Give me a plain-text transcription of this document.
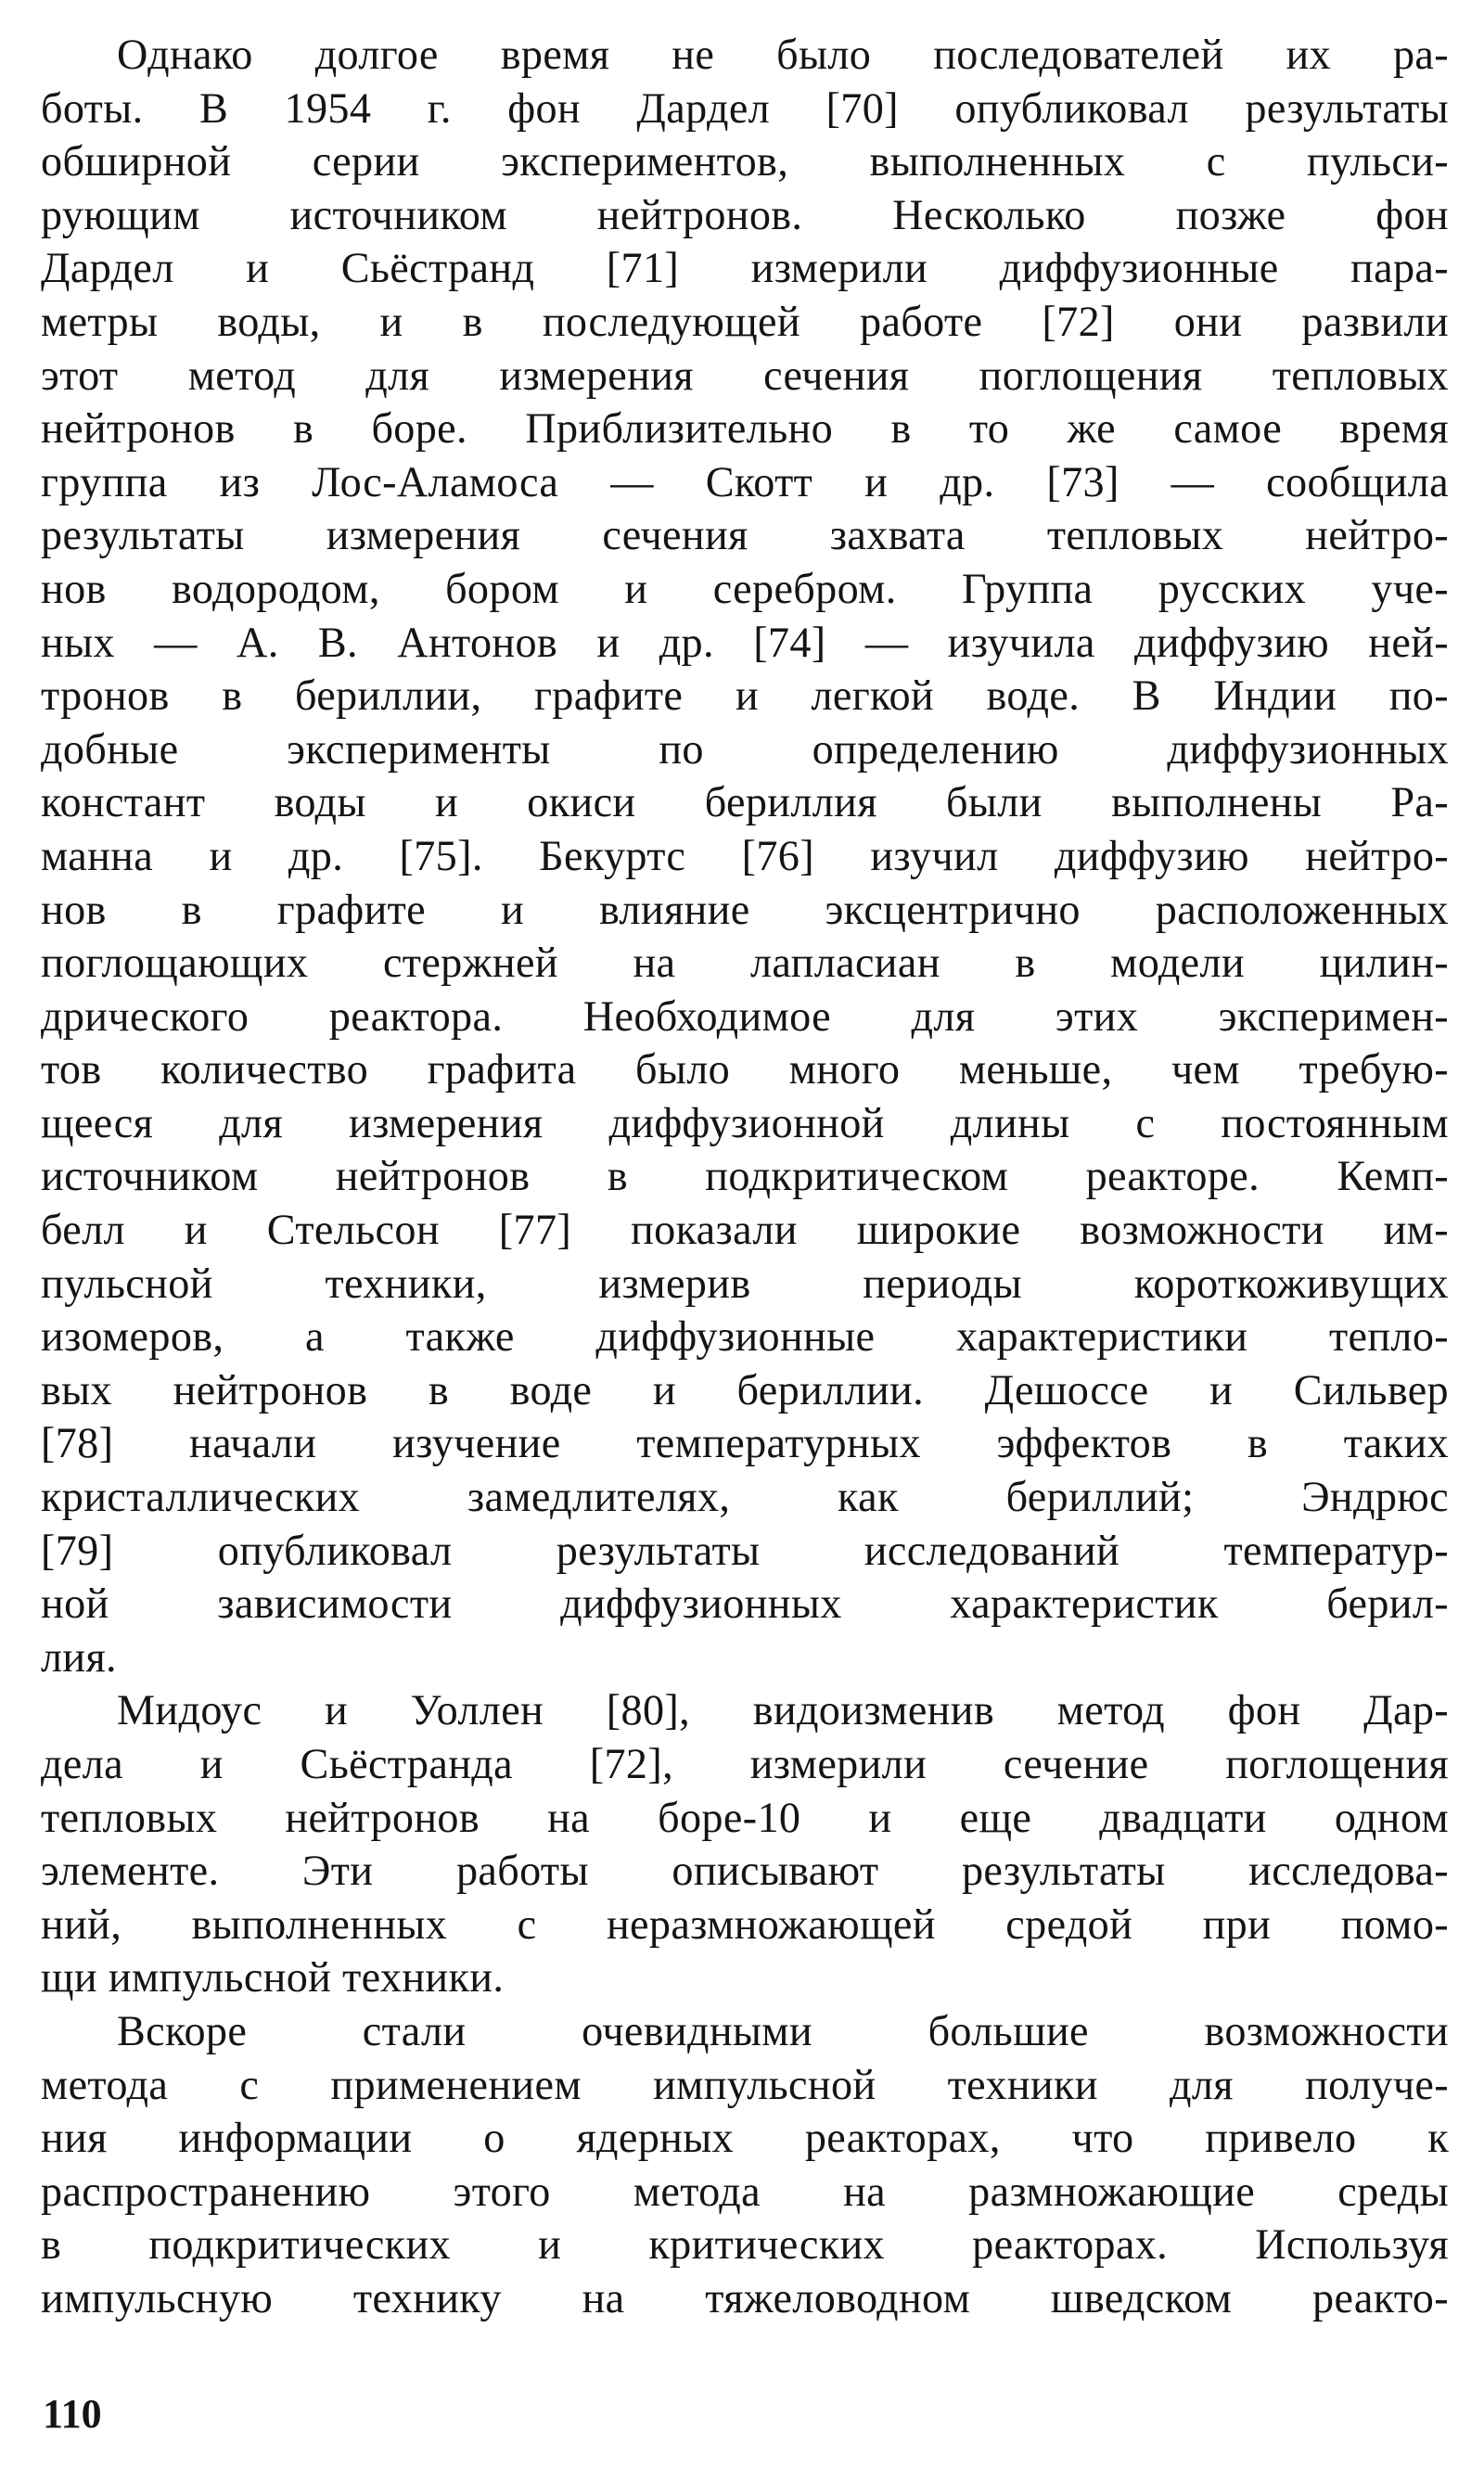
Однако долгое время не было последователей их ра-
боты. В 1954 г. фон Дардел [70] опубликовал результаты
обширной серии экспериментов, выполненных с пульси-
рующим источником нейтронов. Несколько позже фон
Дардел и Сьёстранд [71] измерили диффузионные пара-
метры воды, и в последующей работе [72] они развили
этот метод для измерения сечения поглощения тепловых
нейтронов в боре. Приблизительно в то же самое время
группа из Лос-Аламоса — Скотт и др. [73] — сообщила
результаты измерения сечения захвата тепловых нейтро-
нов водородом, бором и серебром. Группа русских уче-
ных — А. В. Антонов и др. [74] — изучила диффузию ней-
тронов в бериллии, графите и легкой воде. В Индии по-
добные эксперименты по определению диффузионных
констант воды и окиси бериллия были выполнены Ра-
манна и др. [75]. Бекуртс [76] изучил диффузию нейтро-
нов в графите и влияние эксцентрично расположенных
поглощающих стержней на лапласиан в модели цилин-
дрического реактора. Необходимое для этих эксперимен-
тов количество графита было много меньше, чем требую-
щееся для измерения диффузионной длины с постоянным
источником нейтронов в подкритическом реакторе. Кемп-
белл и Стельсон [77] показали широкие возможности им-
пульсной техники, измерив периоды короткоживущих
изомеров, а также диффузионные характеристики тепло-
вых нейтронов в воде и бериллии. Дешоссе и Сильвер
[78] начали изучение температурных эффектов в таких
кристаллических замедлителях, как бериллий; Эндрюс
[79] опубликовал результаты исследований температур-
ной зависимости диффузионных характеристик берил-
лия.
Мидоус и Уоллен [80], видоизменив метод фон Дар-
дела и Сьёстранда [72], измерили сечение поглощения
тепловых нейтронов на боре-10 и еще двадцати одном
элементе. Эти работы описывают результаты исследова-
ний, выполненных с неразмножающей средой при помо-
щи импульсной техники.
Вскоре стали очевидными большие возможности
метода с применением импульсной техники для получе-
ния информации о ядерных реакторах, что привело к
распространению этого метода на размножающие среды
в подкритических и критических реакторах. Используя
импульсную технику на тяжеловодном шведском реакто-
110
